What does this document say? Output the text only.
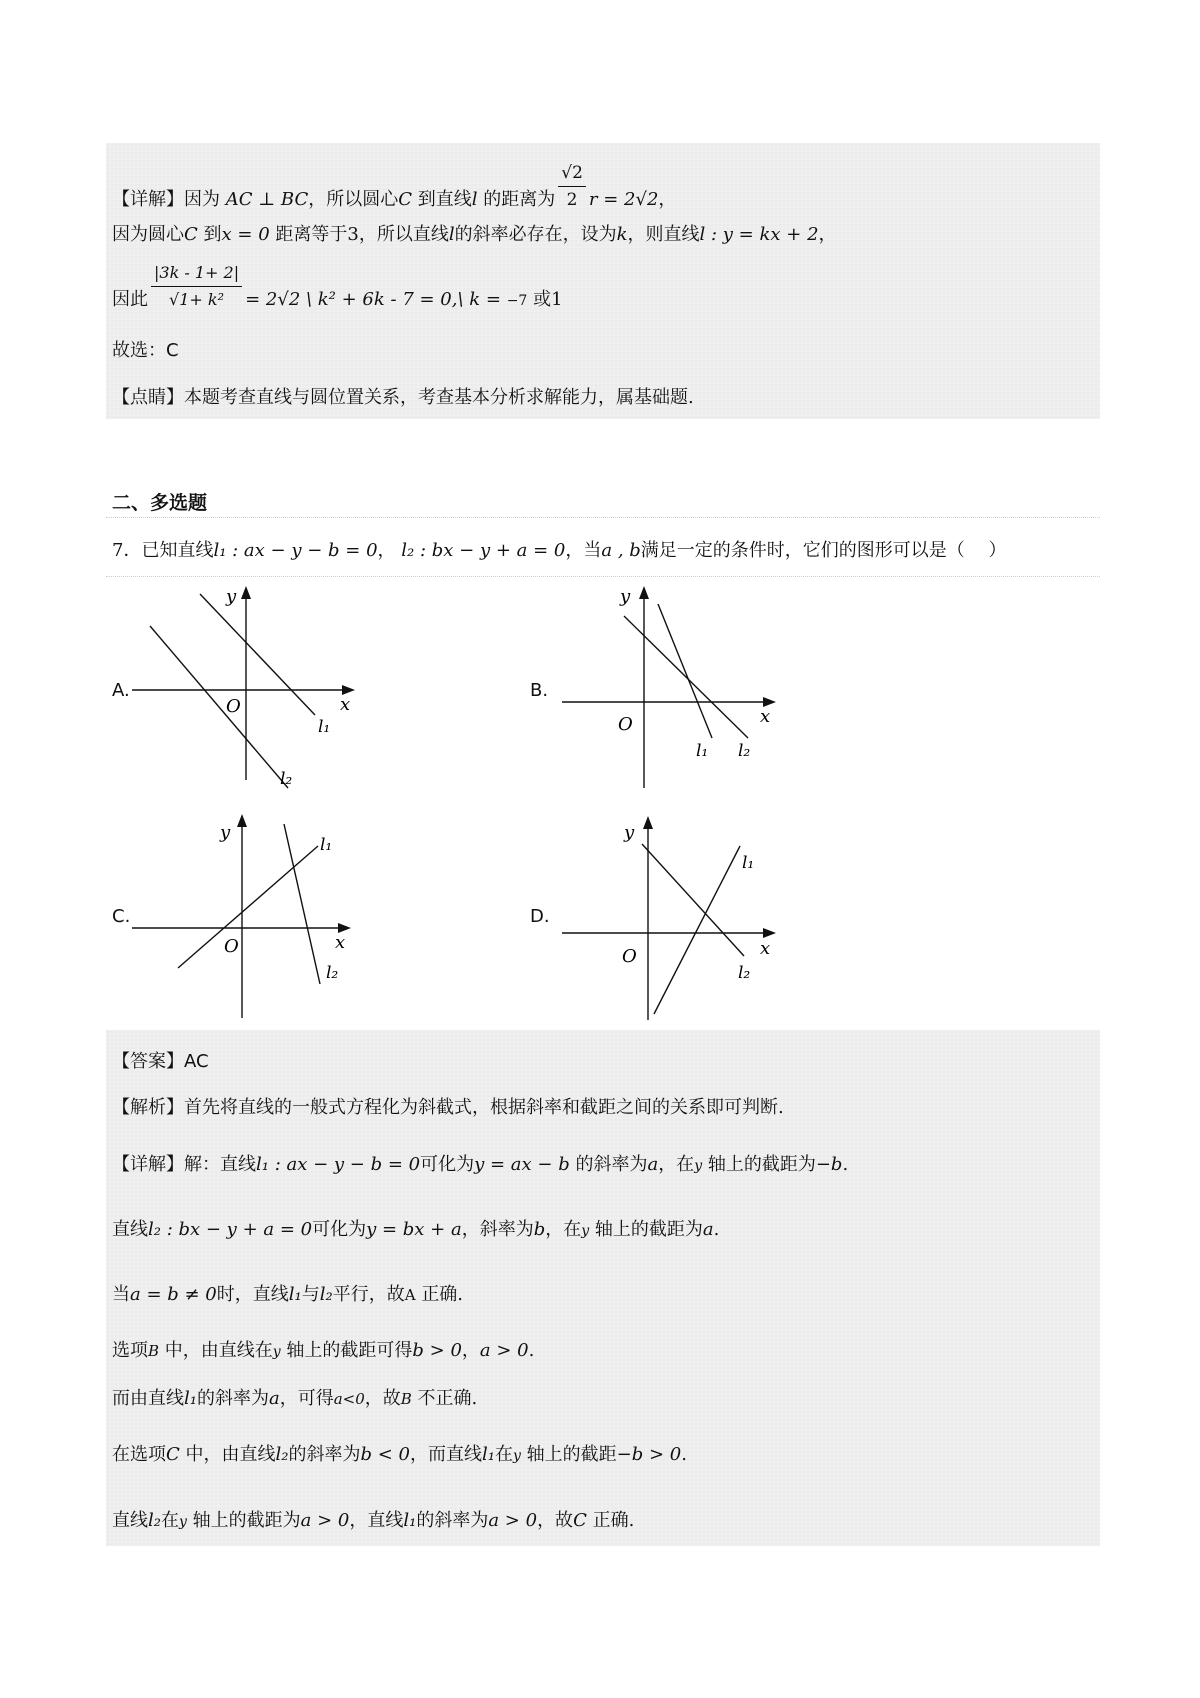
【详解】因为 AC ⊥ BC，所以圆心C 到直线l 的距离为 $\frac{√2}{2}$ r = 2√2，
因为圆心C 到x = 0 距离等于3，所以直线l的斜率必存在，设为k，则直线l : y = kx + 2，
因此 $\frac{|3k - 1+ 2|}{\text{√1+ k²}} = 2√2$ \ k² + 6k - 7 = 0,\ k = −7 或1
故选：C
【点睛】本题考查直线与圆位置关系，考查基本分析求解能力，属基础题.
二、多选题
7．已知直线l₁ : ax − y − b = 0， l₂ : bx − y + a = 0，当a , b满足一定的条件时，它们的图形可以是（　 ）
A.
y
x
O
l₁
l₂
B.
y
x
O
l₁ l₂
C.
y
x
O
l₁
l₂
D.
y
x
O
l₁
l₂
【答案】AC
【解析】首先将直线的一般式方程化为斜截式，根据斜率和截距之间的关系即可判断.
【详解】解：直线l₁ : ax − y − b = 0可化为y = ax − b 的斜率为a，在y 轴上的截距为−b.
直线l₂ : bx − y + a = 0可化为y = bx + a，斜率为b，在y 轴上的截距为a.
当a = b ≠ 0时，直线l₁与l₂平行，故A 正确.
选项B 中，由直线在y 轴上的截距可得b > 0，a > 0.
而由直线l₁的斜率为a，可得a<0，故B 不正确.
在选项C 中，由直线l₂的斜率为b < 0，而直线l₁在y 轴上的截距−b > 0.
直线l₂在y 轴上的截距为a > 0，直线l₁的斜率为a > 0，故C 正确.
